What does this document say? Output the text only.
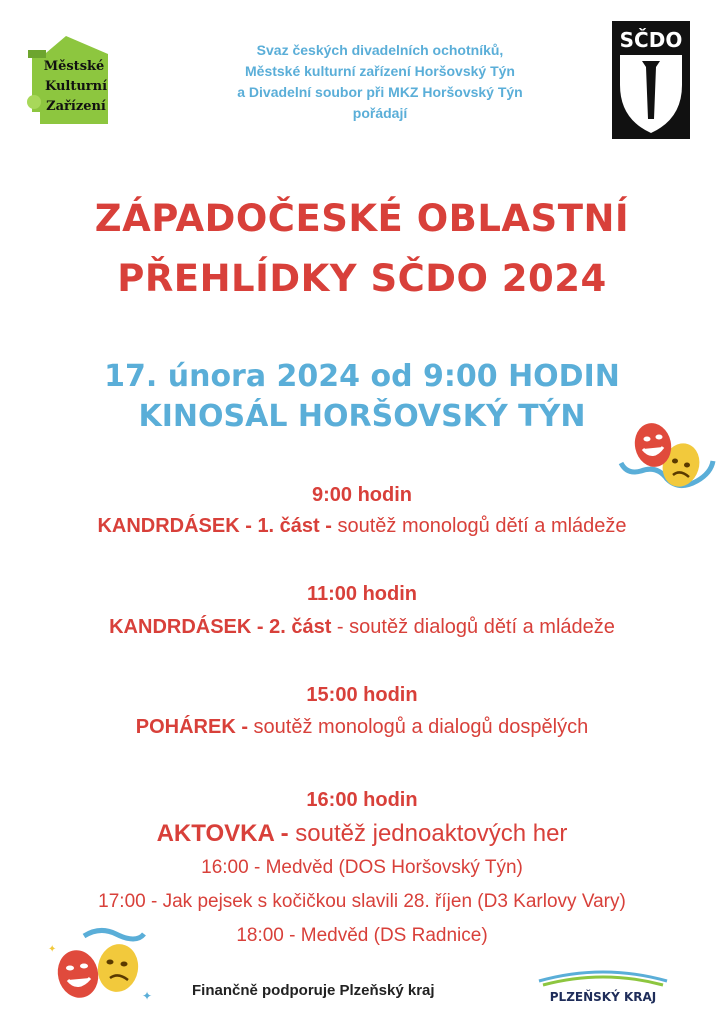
Městské
Kulturní
Zařízení
Svaz českých divadelních ochotníků,
Městské kulturní zařízení Horšovský Týn
a Divadelní soubor při MKZ Horšovský Týn
pořádají
SČDO
ZÁPADOČESKÉ OBLASTNÍ
PŘEHLÍDKY SČDO 2024
17. února 2024 od 9:00 HODIN
KINOSÁL HORŠOVSKÝ TÝN
9:00 hodin
KANDRDÁSEK - 1. část - soutěž monologů dětí a mládeže
11:00 hodin
KANDRDÁSEK - 2. část - soutěž dialogů dětí a mládeže
15:00 hodin
POHÁREK - soutěž monologů a dialogů dospělých
16:00 hodin
AKTOVKA - soutěž jednoaktových her
16:00 - Medvěd (DOS Horšovský Týn)
17:00 - Jak pejsek s kočičkou slavili 28. říjen (D3 Karlovy Vary)
18:00 - Medvěd (DS Radnice)
✦
✦
Finančně podporuje Plzeňský kraj	PLZEŇSKÝ KRAJ
